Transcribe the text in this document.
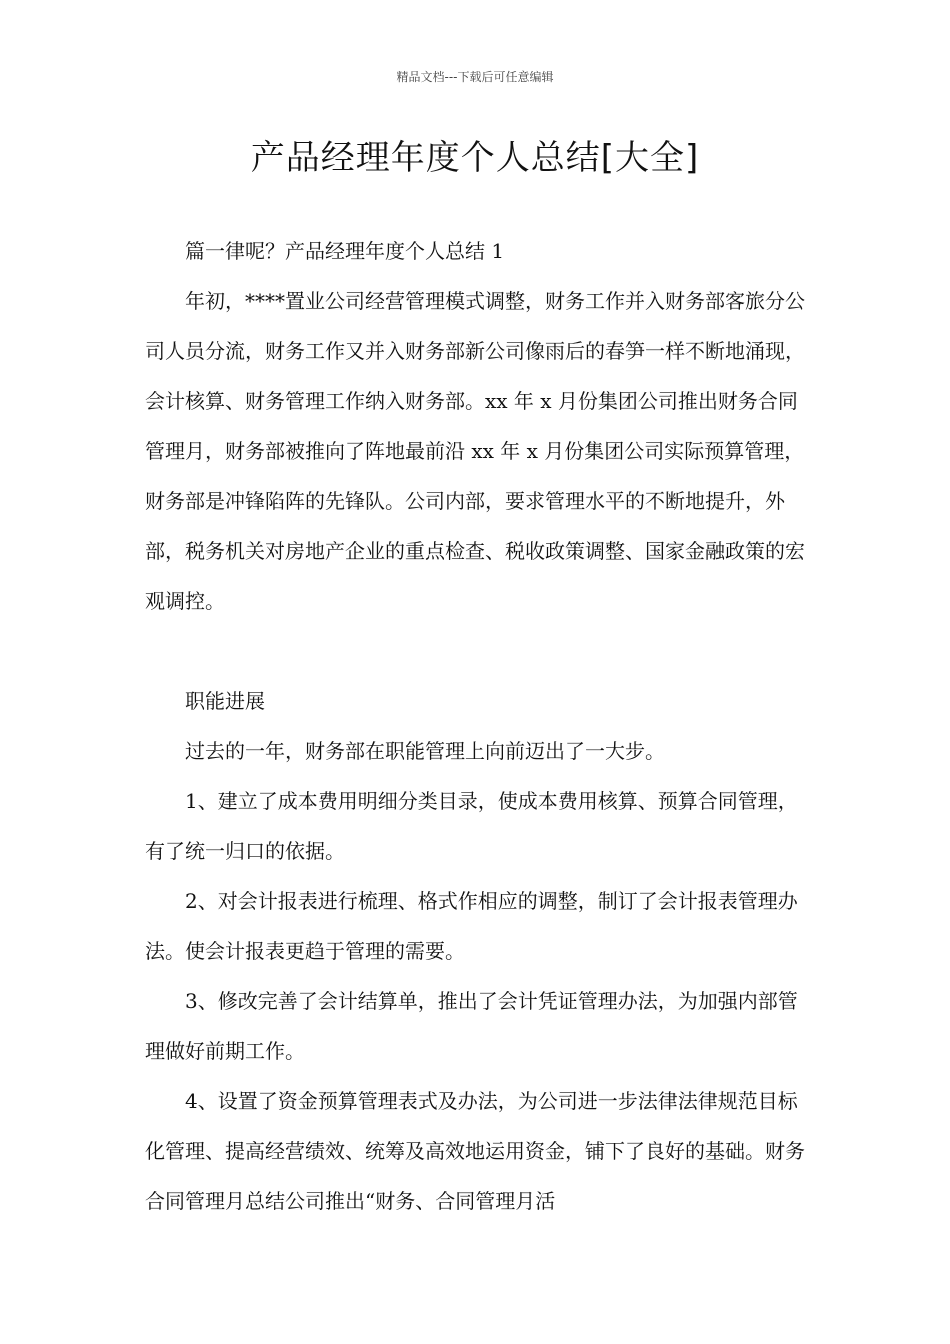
精品文档---下载后可任意编辑
产品经理年度个人总结[大全]

篇一律呢？产品经理年度个人总结 1

年初，****置业公司经营管理模式调整，财务工作并入财务部客旅分公司人员分流，财务工作又并入财务部新公司像雨后的春笋一样不断地涌现，会计核算、财务管理工作纳入财务部。xx 年 x 月份集团公司推出财务合同管理月，财务部被推向了阵地最前沿 xx 年 x 月份集团公司实际预算管理，财务部是冲锋陷阵的先锋队。公司内部，要求管理水平的不断地提升，外部，税务机关对房地产企业的重点检查、税收政策调整、国家金融政策的宏观调控。

职能进展

过去的一年，财务部在职能管理上向前迈出了一大步。

1、建立了成本费用明细分类目录，使成本费用核算、预算合同管理，有了统一归口的依据。

2、对会计报表进行梳理、格式作相应的调整，制订了会计报表管理办法。使会计报表更趋于管理的需要。

3、修改完善了会计结算单，推出了会计凭证管理办法，为加强内部管理做好前期工作。

4、设置了资金预算管理表式及办法，为公司进一步法律法律规范目标化管理、提高经营绩效、统筹及高效地运用资金，铺下了良好的基础。财务合同管理月总结公司推出“财务、合同管理月活
